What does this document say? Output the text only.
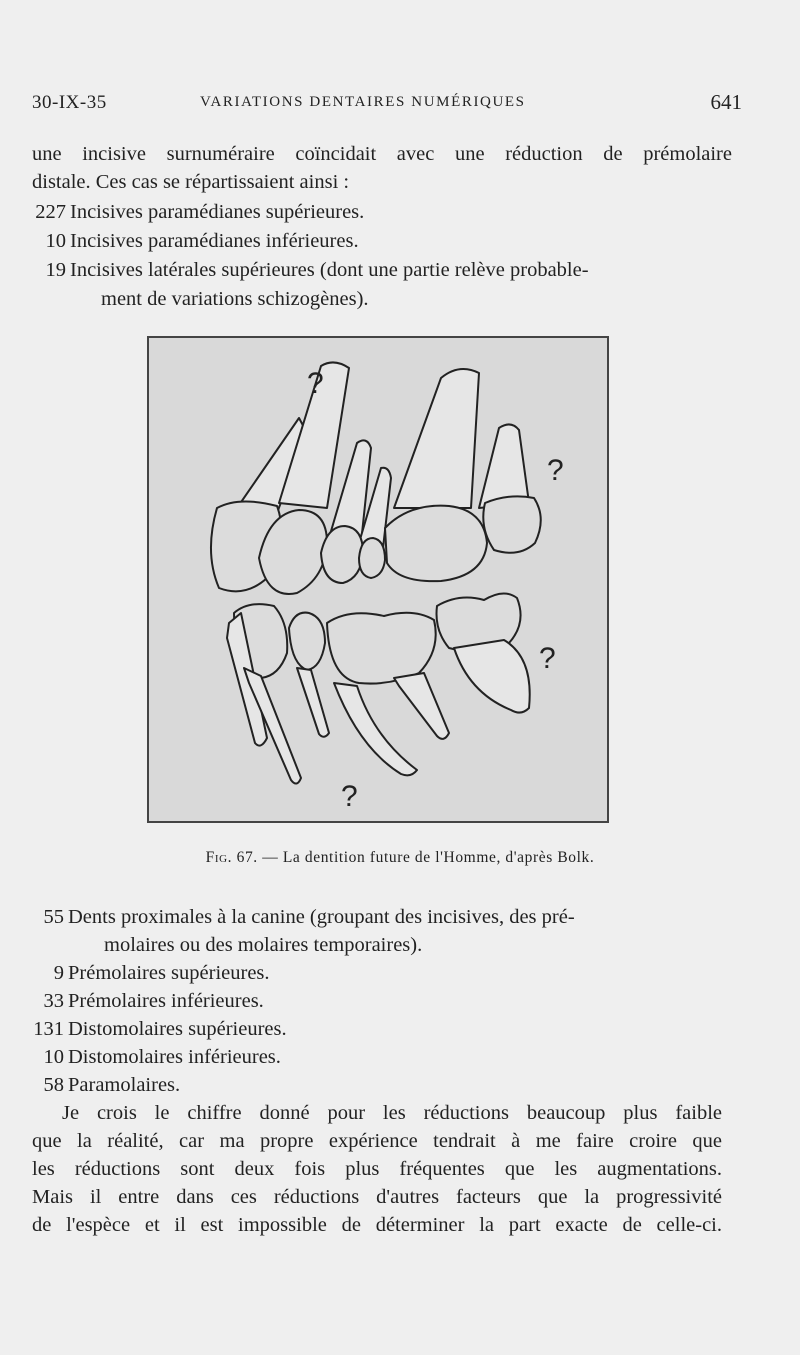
30-IX-35	VARIATIONS DENTAIRES NUMÉRIQUES	641
une incisive surnuméraire coïncidait avec une réduction de prémolaire
distale. Ces cas se répartissaient ainsi :
227 Incisives paramédianes supérieures.
10 Incisives paramédianes inférieures.
19 Incisives latérales supérieures (dont une partie relève probable-
ment de variations schizogènes).
?
?
?
?
Fig. 67. — La dentition future de l'Homme, d'après Bolk.
55 Dents proximales à la canine (groupant des incisives, des pré-
molaires ou des molaires temporaires).
9 Prémolaires supérieures.
33 Prémolaires inférieures.
131 Distomolaires supérieures.
10 Distomolaires inférieures.
58 Paramolaires.
Je crois le chiffre donné pour les réductions beaucoup plus faible
que la réalité, car ma propre expérience tendrait à me faire croire que
les réductions sont deux fois plus fréquentes que les augmentations.
Mais il entre dans ces réductions d'autres facteurs que la progressivité
de l'espèce et il est impossible de déterminer la part exacte de celle-ci.
